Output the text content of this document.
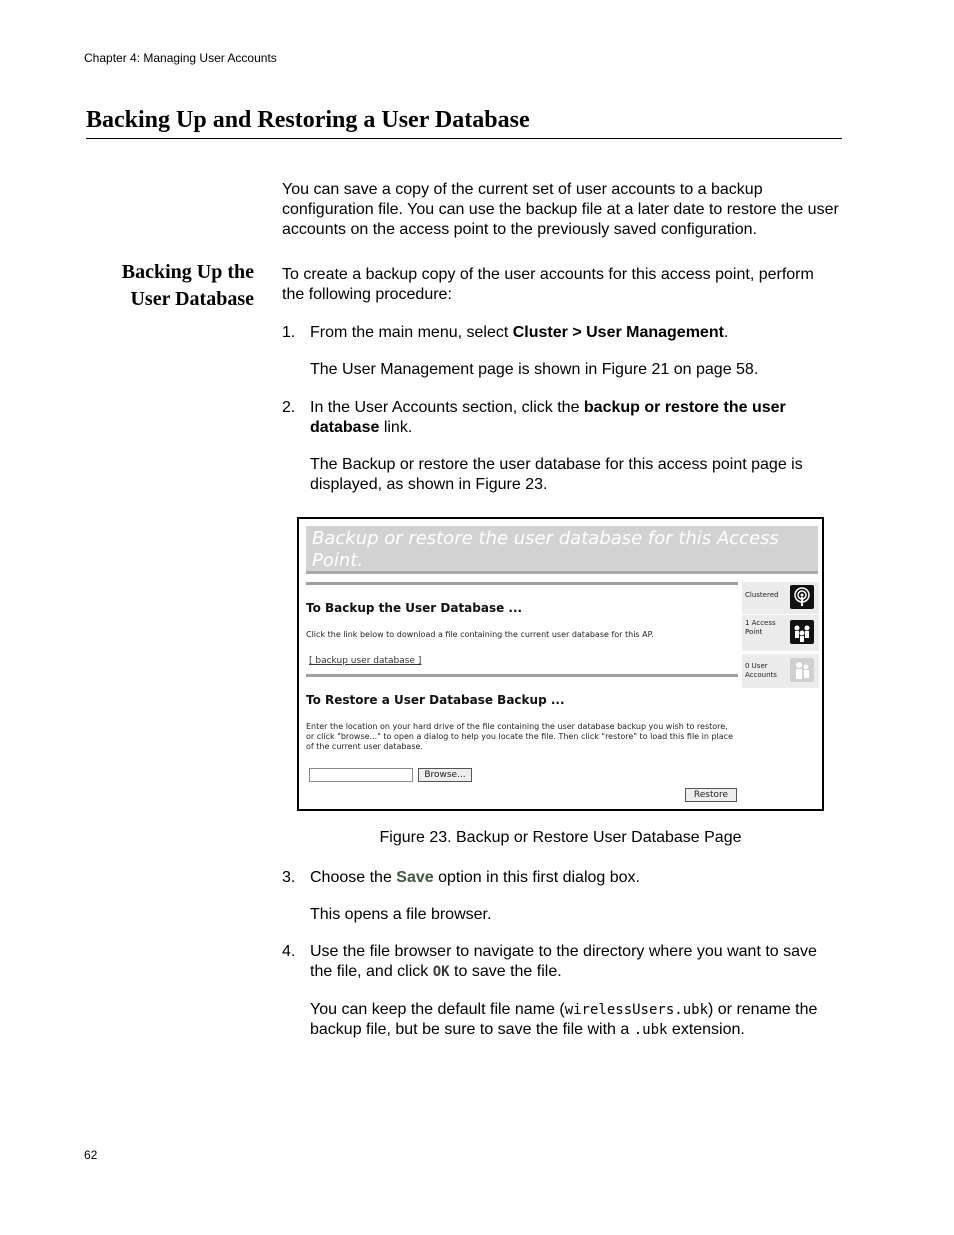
Chapter 4: Managing User Accounts
Backing Up and Restoring a User Database
You can save a copy of the current set of user accounts to a backup configuration file. You can use the backup file at a later date to restore the user accounts on the access point to the previously saved configuration.
Backing Up the
User Database
To create a backup copy of the user accounts for this access point, perform the following procedure:
1. From the main menu, select Cluster > User Management.
The User Management page is shown in Figure 21 on page 58.
2. In the User Accounts section, click the backup or restore the user database link.
The Backup or restore the user database for this access point page is displayed, as shown in Figure 23.
Backup or restore the user database for this Access Point.
To Backup the User Database ...
Click the link below to download a file containing the current user database for this AP.
[ backup user database ]
To Restore a User Database Backup ...
Enter the location on your hard drive of the file containing the user database backup you wish to restore, or click "browse..." to open a dialog to help you locate the file. Then click "restore" to load this file in place of the current user database.
Browse...
Restore
Clustered
1 Access Point
0 User Accounts
Figure 23. Backup or Restore User Database Page
3. Choose the Save option in this first dialog box.
This opens a file browser.
4. Use the file browser to navigate to the directory where you want to save the file, and click OK to save the file.
You can keep the default file name (wirelessUsers.ubk) or rename the backup file, but be sure to save the file with a .ubk extension.
62
